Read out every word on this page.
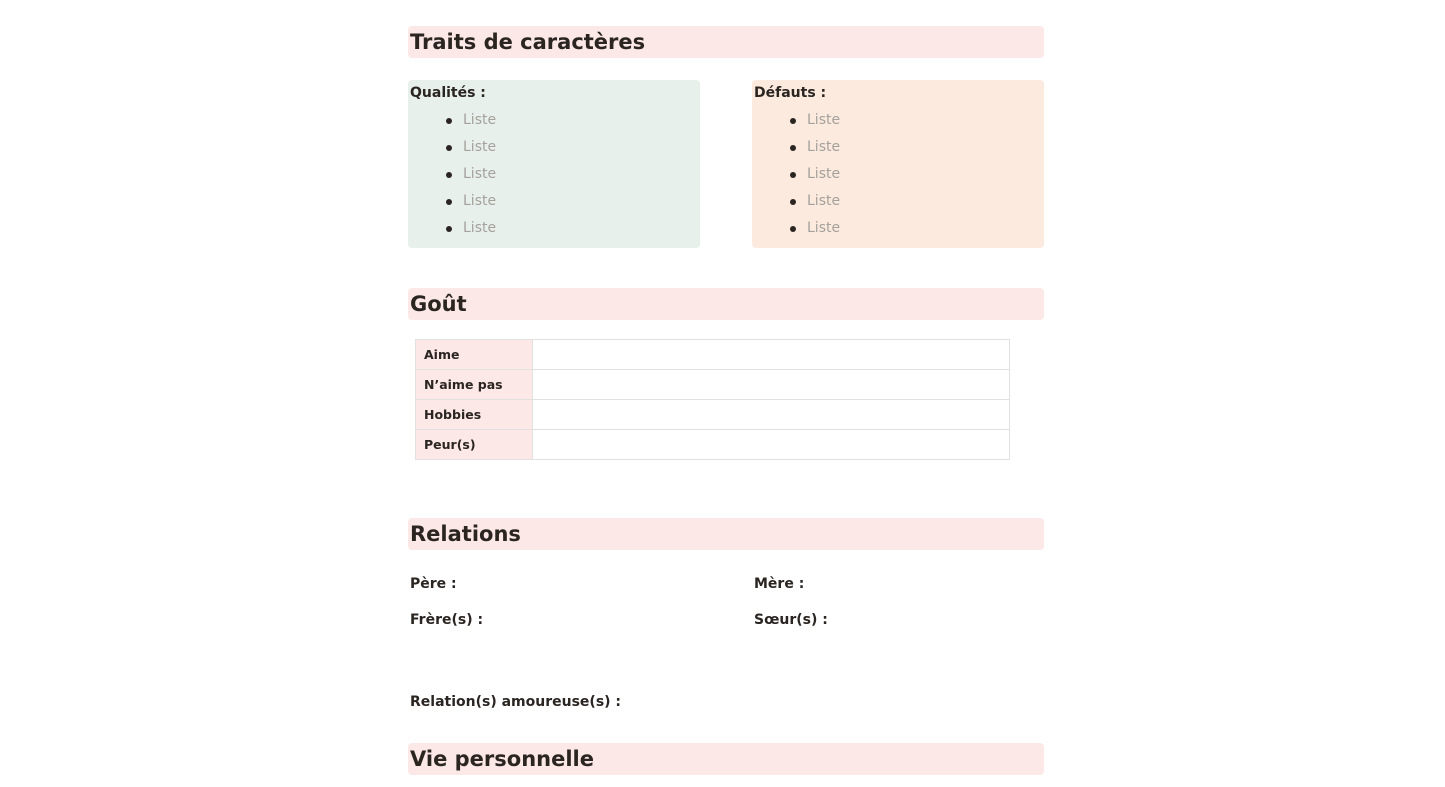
Traits de caractères
Qualités :
Liste
Liste
Liste
Liste
Liste
Défauts :
Liste
Liste
Liste
Liste
Liste
Goût
Aime	
N’aime pas	
Hobbies	
Peur(s)	
Relations
Père :	Mère :
Frère(s) :	Sœur(s) :
Relation(s) amoureuse(s) :
Vie personnelle
